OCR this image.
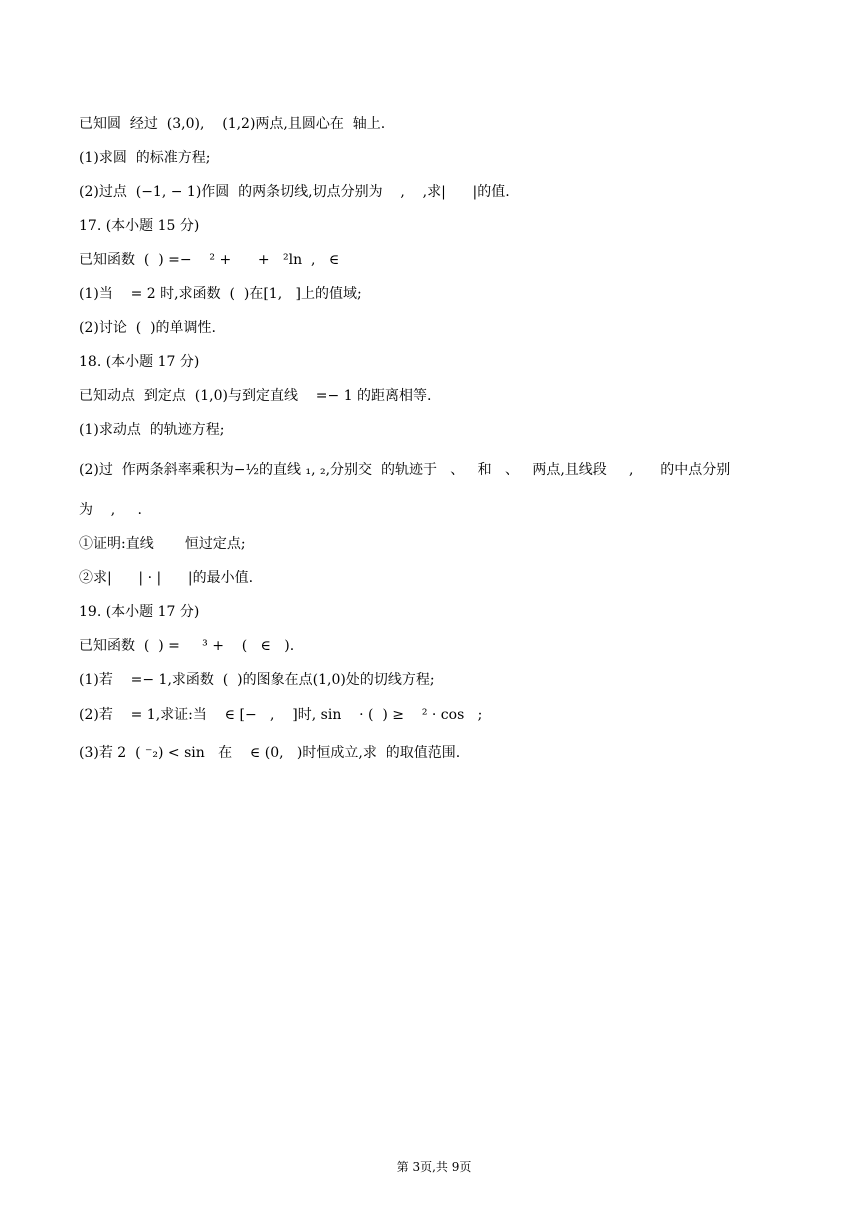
已知圆  经过  (3,0),    (1,2)两点,且圆心在  轴上.
(1)求圆  的标准方程;
(2)过点  (−1, − 1)作圆  的两条切线,切点分别为    ,    ,求|      |的值.
17. (本小题 15 分)
已知函数  (  ) =−    ² +      +   ²ln  ,   ∈
(1)当    = 2 时,求函数  (  )在[1,   ]上的值域;
(2)讨论  (  )的单调性.
18. (本小题 17 分)
已知动点  到定点  (1,0)与到定直线    =− 1 的距离相等.
(1)求动点  的轨迹方程;
(2)过  作两条斜率乘积为−½的直线 ₁, ₂,分别交  的轨迹于   、   和   、   两点,且线段     ,      的中点分别
为    ,     .
①证明:直线       恒过定点;
②求|      | · |      |的最小值.
19. (本小题 17 分)
已知函数  (  ) =     ³ +    (   ∈   ).
(1)若    =− 1,求函数  (  )的图象在点(1,0)处的切线方程;
(2)若    = 1,求证:当    ∈ [−   ,    ]时, sin    · (  ) ≥    ² · cos   ;
(3)若 2  ( ⁻₂) < sin   在    ∈ (0,   )时恒成立,求  的取值范围.
第 3页,共 9页
